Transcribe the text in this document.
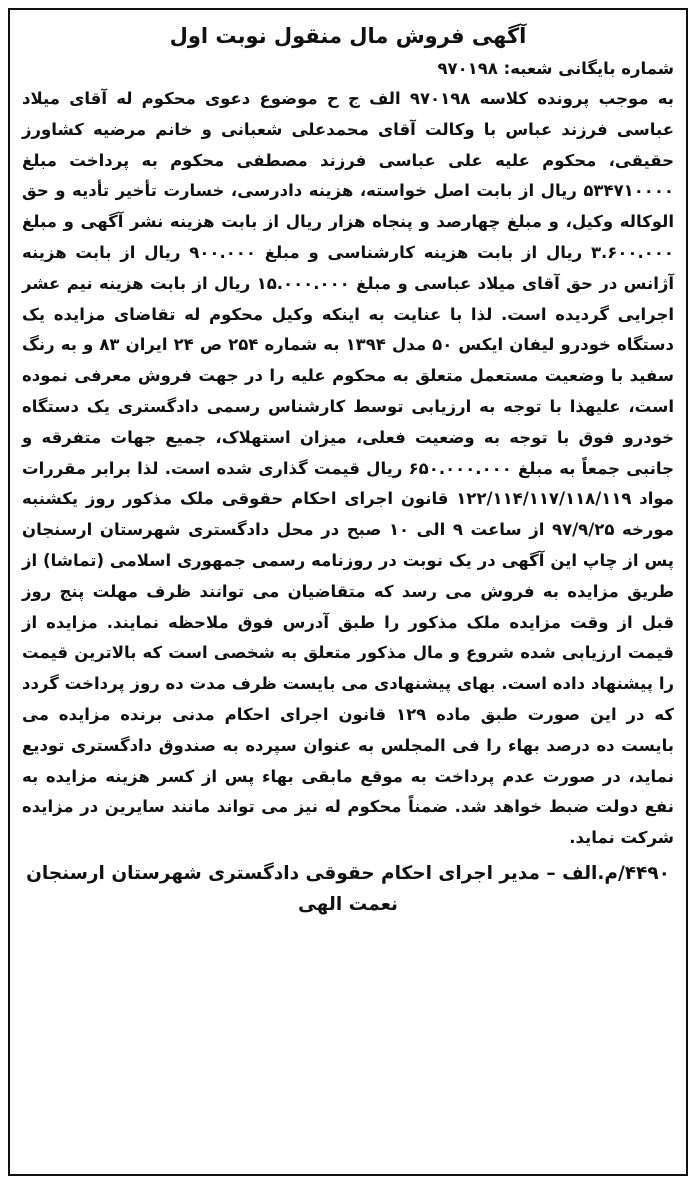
آگهی فروش مال منقول نوبت اول
شماره بایگانی شعبه: ۹۷۰۱۹۸

به موجب پرونده کلاسه ۹۷۰۱۹۸ الف ج ح موضوع دعوی محکوم له آقای میلاد عباسی فرزند عباس با وکالت آقای محمدعلی شعبانی و خانم مرضیه کشاورز حقیقی، محکوم علیه علی عباسی فرزند مصطفی محکوم به پرداخت مبلغ ۵۳۴۷۱۰۰۰۰ ریال از بابت اصل خواسته، هزینه دادرسی، خسارت تأخیر تأدیه و حق الوکاله وکیل، و مبلغ چهارصد و پنجاه هزار ریال از بابت هزینه نشر آگهی و مبلغ ۳.۶۰۰.۰۰۰ ریال از بابت هزینه کارشناسی و مبلغ ۹۰۰.۰۰۰ ریال از بابت هزینه آژانس در حق آقای میلاد عباسی و مبلغ ۱۵.۰۰۰.۰۰۰ ریال از بابت هزینه نیم عشر اجرایی گردیده است. لذا با عنایت به اینکه وکیل محکوم له تقاضای مزایده یک دستگاه خودرو لیفان ایکس ۵۰ مدل ۱۳۹۴ به شماره ۲۵۴ ص ۲۴ ایران ۸۳ و به رنگ سفید با وضعیت مستعمل متعلق به محکوم علیه را در جهت فروش معرفی نموده است، علیهذا با توجه به ارزیابی توسط کارشناس رسمی دادگستری یک دستگاه خودرو فوق با توجه به وضعیت فعلی، میزان استهلاک، جمیع جهات متفرقه و جانبی جمعاً به مبلغ ۶۵۰.۰۰۰.۰۰۰ ریال قیمت گذاری شده است. لذا برابر مقررات مواد ۱۲۲/۱۱۴/۱۱۷/۱۱۸/۱۱۹ قانون اجرای احکام حقوقی ملک مذکور روز یکشنبه مورخه ۹۷/۹/۲۵ از ساعت ۹ الی ۱۰ صبح در محل دادگستری شهرستان ارسنجان پس از چاپ این آگهی در یک نوبت در روزنامه رسمی جمهوری اسلامی (تماشا) از طریق مزایده به فروش می رسد که متقاضیان می توانند ظرف مهلت پنج روز قبل از وقت مزایده ملک مذکور را طبق آدرس فوق ملاحظه نمایند. مزایده از قیمت ارزیابی شده شروع و مال مذکور متعلق به شخصی است که بالاترین قیمت را پیشنهاد داده است. بهای پیشنهادی می بایست ظرف مدت ده روز پرداخت گردد که در این صورت طبق ماده ۱۲۹ قانون اجرای احکام مدنی برنده مزایده می بایست ده درصد بهاء را فی المجلس به عنوان سپرده به صندوق دادگستری تودیع نماید، در صورت عدم پرداخت به موقع مابقی بهاء پس از کسر هزینه مزایده به نفع دولت ضبط خواهد شد. ضمناً محکوم له نیز می تواند مانند سایرین در مزایده شرکت نماید.

۴۴۹۰/م.الف – مدیر اجرای احکام حقوقی دادگستری شهرستان ارسنجان
نعمت الهی
